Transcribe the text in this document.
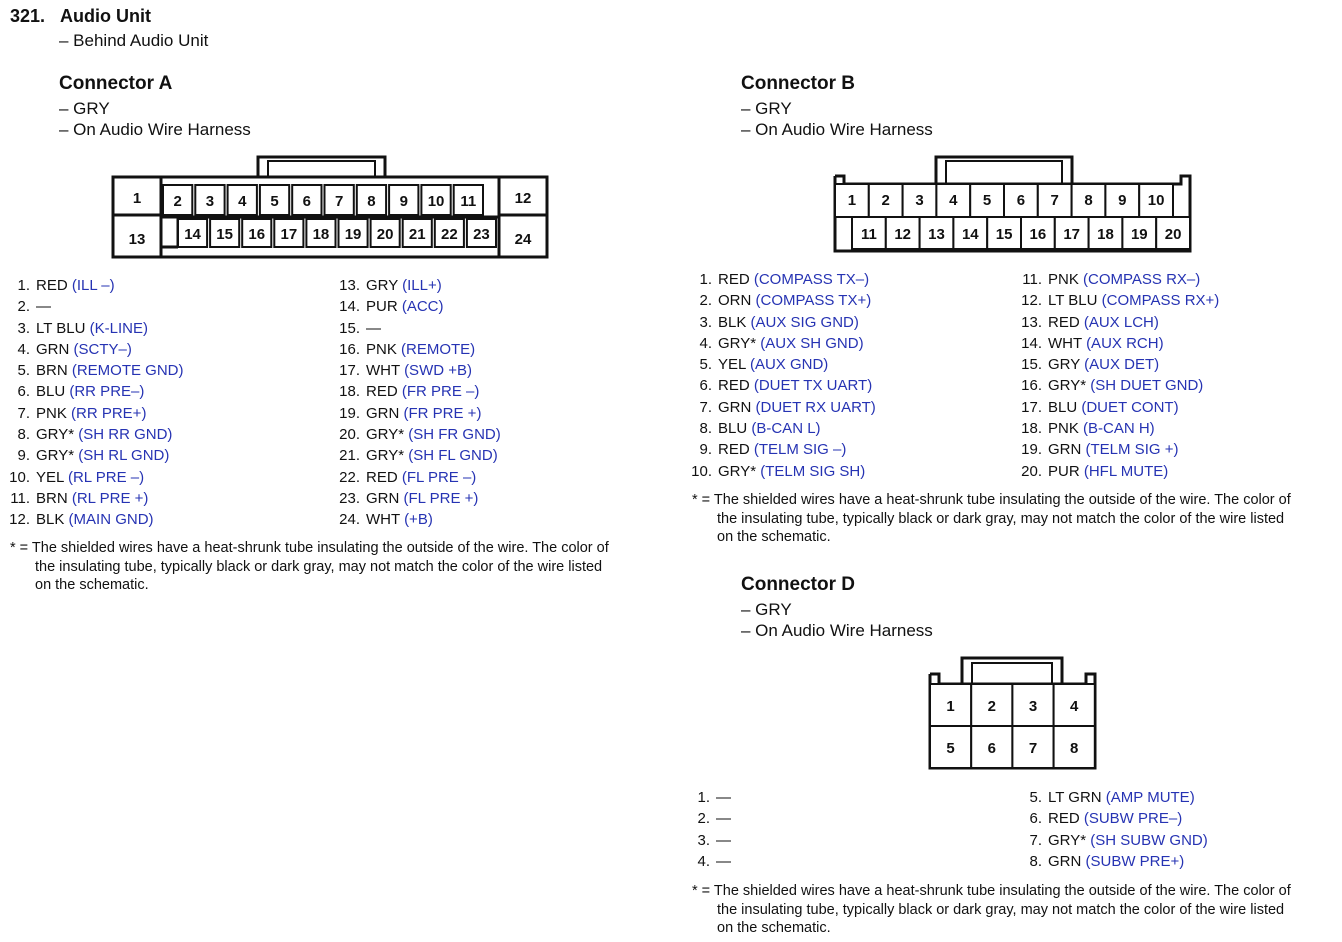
321. Audio Unit
– Behind Audio Unit
Connector A
– GRY
– On Audio Wire Harness
Connector B
– GRY
– On Audio Wire Harness
Connector D
– GRY
– On Audio Wire Harness
1
13
12
24
2 3 4 5 6 7 8 9 10 11
14 15 16 17 18 19 20 21 22 23
1 2 3 4 5 6 7 8 9 10
11 12 13 14 15 16 17 18 19 20
1
5
2
6
3
7
4
8
1. RED (ILL –)
2. —
3. LT BLU (K-LINE)
4. GRN (SCTY–)
5. BRN (REMOTE GND)
6. BLU (RR PRE–)
7. PNK (RR PRE+)
8. GRY* (SH RR GND)
9. GRY* (SH RL GND)
10. YEL (RL PRE –)
11. BRN (RL PRE +)
12. BLK (MAIN GND)
13. GRY (ILL+)
14. PUR (ACC)
15. —
16. PNK (REMOTE)
17. WHT (SWD +B)
18. RED (FR PRE –)
19. GRN (FR PRE +)
20. GRY* (SH FR GND)
21. GRY* (SH FL GND)
22. RED (FL PRE –)
23. GRN (FL PRE +)
24. WHT (+B)
1. RED (COMPASS TX–)
2. ORN (COMPASS TX+)
3. BLK (AUX SIG GND)
4. GRY* (AUX SH GND)
5. YEL (AUX GND)
6. RED (DUET TX UART)
7. GRN (DUET RX UART)
8. BLU (B-CAN L)
9. RED (TELM SIG –)
10. GRY* (TELM SIG SH)
11. PNK (COMPASS RX–)
12. LT BLU (COMPASS RX+)
13. RED (AUX LCH)
14. WHT (AUX RCH)
15. GRY (AUX DET)
16. GRY* (SH DUET GND)
17. BLU (DUET CONT)
18. PNK (B-CAN H)
19. GRN (TELM SIG +)
20. PUR (HFL MUTE)
1. —
2. —
3. —
4. —
5. LT GRN (AMP MUTE)
6. RED (SUBW PRE–)
7. GRY* (SH SUBW GND)
8. GRN (SUBW PRE+)
* = The shielded wires have a heat-shrunk tube insulating the outside of the wire. The color of
the insulating tube, typically black or dark gray, may not match the color of the wire listed
on the schematic.
* = The shielded wires have a heat-shrunk tube insulating the outside of the wire. The color of
the insulating tube, typically black or dark gray, may not match the color of the wire listed
on the schematic.
* = The shielded wires have a heat-shrunk tube insulating the outside of the wire. The color of
the insulating tube, typically black or dark gray, may not match the color of the wire listed
on the schematic.
